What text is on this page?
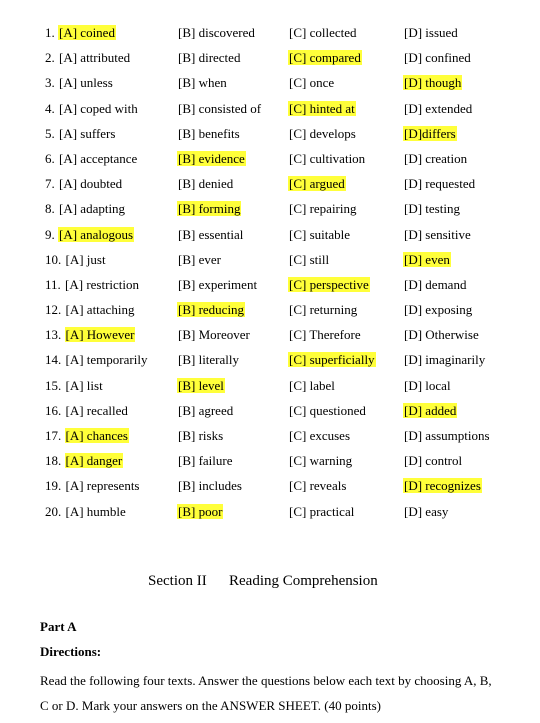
1. [A] coined	[B] discovered	[C] collected	[D] issued
2. [A] attributed	[B] directed	[C] compared	[D] confined
3. [A] unless	[B] when	[C] once	[D] though
4. [A] coped with	[B] consisted of [C] hinted at	[D] extended
5. [A] suffers	[B] benefits	[C] develops	[D]differs
6. [A] acceptance	[B] evidence	[C] cultivation	[D] creation
7. [A] doubted	[B] denied	[C] argued	[D] requested
8. [A] adapting	[B] forming	[C] repairing	[D] testing
9. [A] analogous	[B] essential	[C] suitable	[D] sensitive
10. [A] just	[B] ever	[C] still	[D] even
11. [A] restriction	[B] experiment [C] perspective	[D] demand
12. [A] attaching	[B] reducing	[C] returning	[D] exposing
13. [A] However	[B] Moreover	[C] Therefore	[D] Otherwise
14. [A] temporarily [B] literally	[C] superficially [D] imaginarily
15. [A] list	[B] level	[C] label	[D] local
16. [A] recalled	[B] agreed	[C] questioned	[D] added
17. [A] chances	[B] risks	[C] excuses	[D] assumptions
18. [A] danger	[B] failure	[C] warning	[D] control
19. [A] represents	[B] includes	[C] reveals	[D] recognizes
20. [A] humble	[B] poor	[C] practical	[D] easy
Section II Reading Comprehension
Part A
Directions:
Read the following four texts. Answer the questions below each text by choosing A, B, C or D. Mark your answers on the ANSWER SHEET. (40 points)
